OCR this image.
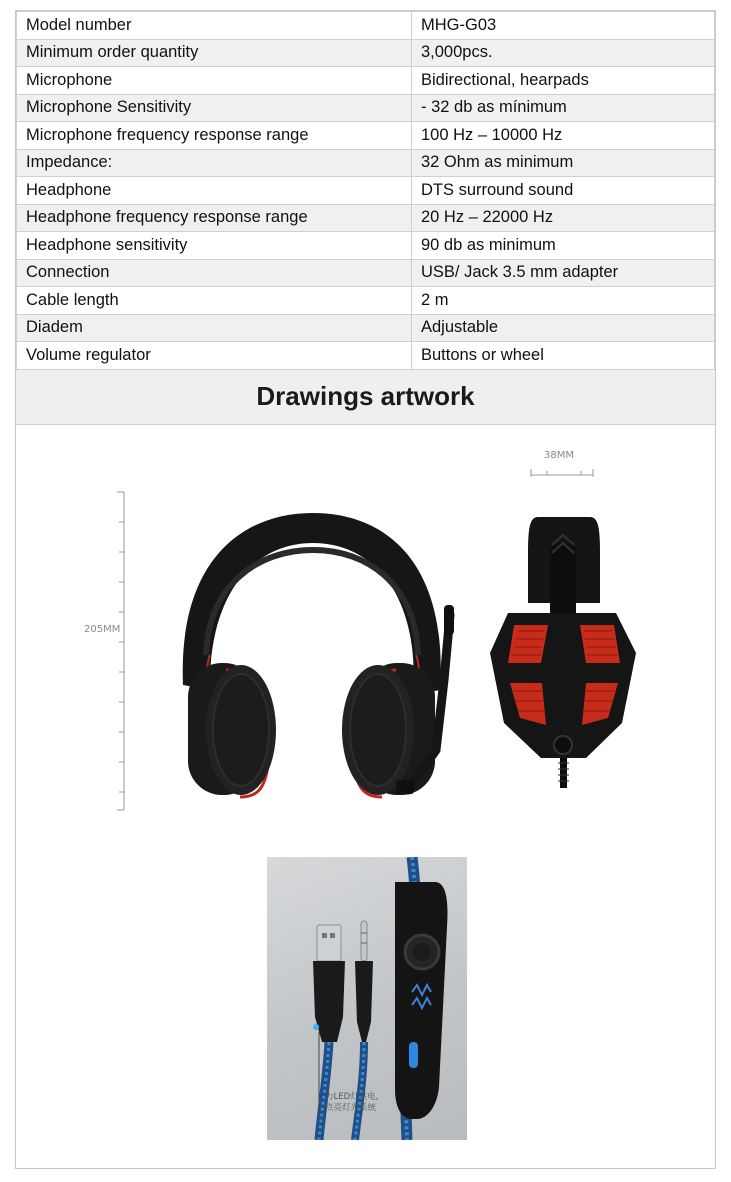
Model number	MHG-G03
Minimum order quantity	3,000pcs.
Microphone	Bidirectional, hearpads
Microphone Sensitivity	- 32 db as mínimum
Microphone frequency response range	100 Hz – 10000 Hz
Impedance:	32 Ohm as minimum
Headphone	DTS surround sound
Headphone frequency response range	20 Hz – 22000 Hz
Headphone sensitivity	90 db as minimum
Connection	USB/ Jack 3.5 mm adapter
Cable length	2 m
Diadem	Adjustable
Volume regulator	Buttons or wheel
Drawings artwork
205MM
38MM
力LED灯供电,
点亮灯光系统
